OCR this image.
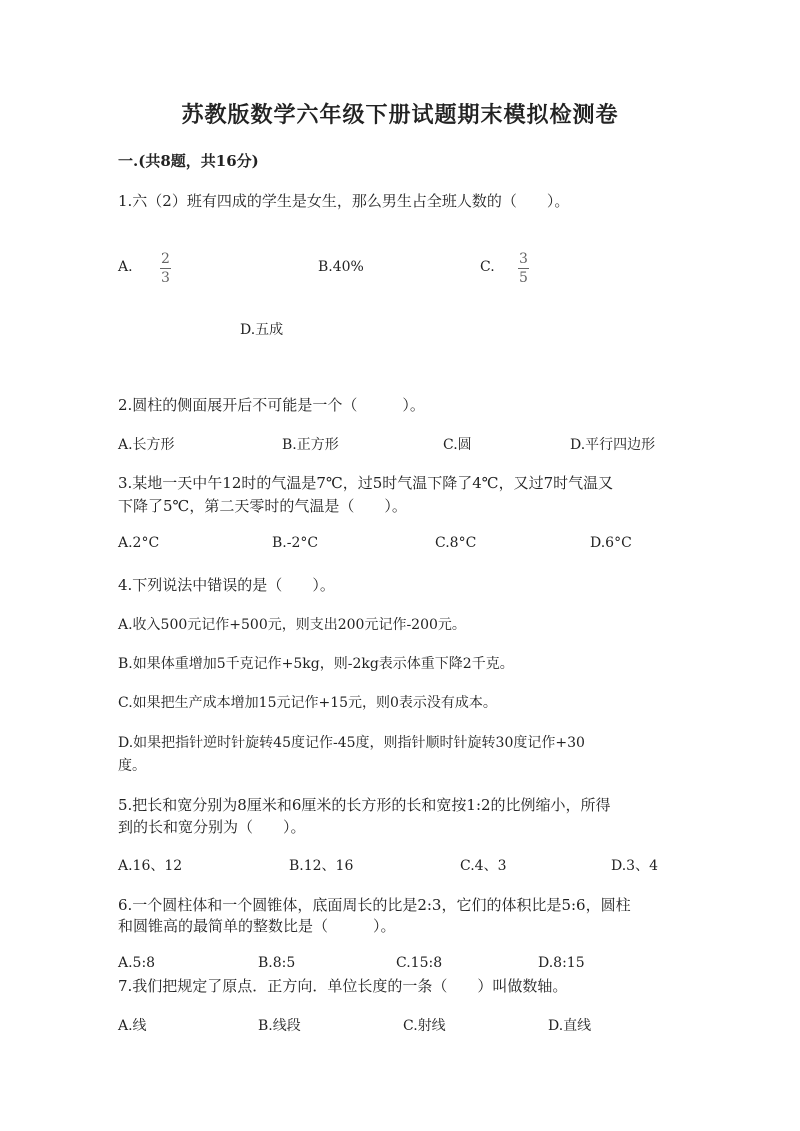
苏教版数学六年级下册试题期末模拟检测卷
一.(共8题，共16分)
1.六（2）班有四成的学生是女生，那么男生占全班人数的（　　）。
A. $\frac{2}{3}$	B.40%	C. $\frac{3}{5}$
D.五成
2.圆柱的侧面展开后不可能是一个（　　　）。
A.长方形	B.正方形	C.圆	D.平行四边形
3.某地一天中午12时的气温是7℃，过5时气温下降了4℃，又过7时气温又
下降了5℃，第二天零时的气温是（　　）。
A.2°C	B.-2°C	C.8°C	D.6°C
4.下列说法中错误的是（　　）。
A.收入500元记作+500元，则支出200元记作-200元。
B.如果体重增加5千克记作+5kg，则-2kg表示体重下降2千克。
C.如果把生产成本增加15元记作+15元，则0表示没有成本。
D.如果把指针逆时针旋转45度记作-45度，则指针顺时针旋转30度记作+30
度。
5.把长和宽分别为8厘米和6厘米的长方形的长和宽按1:2的比例缩小，所得
到的长和宽分别为（　　）。
A.16、12	B.12、16	C.4、3	D.3、4
6.一个圆柱体和一个圆锥体，底面周长的比是2:3，它们的体积比是5:6，圆柱
和圆锥高的最简单的整数比是（　　　）。
A.5:8	B.8:5	C.15:8	D.8:15
7.我们把规定了原点．正方向．单位长度的一条（　　）叫做数轴。
A.线	B.线段	C.射线	D.直线
